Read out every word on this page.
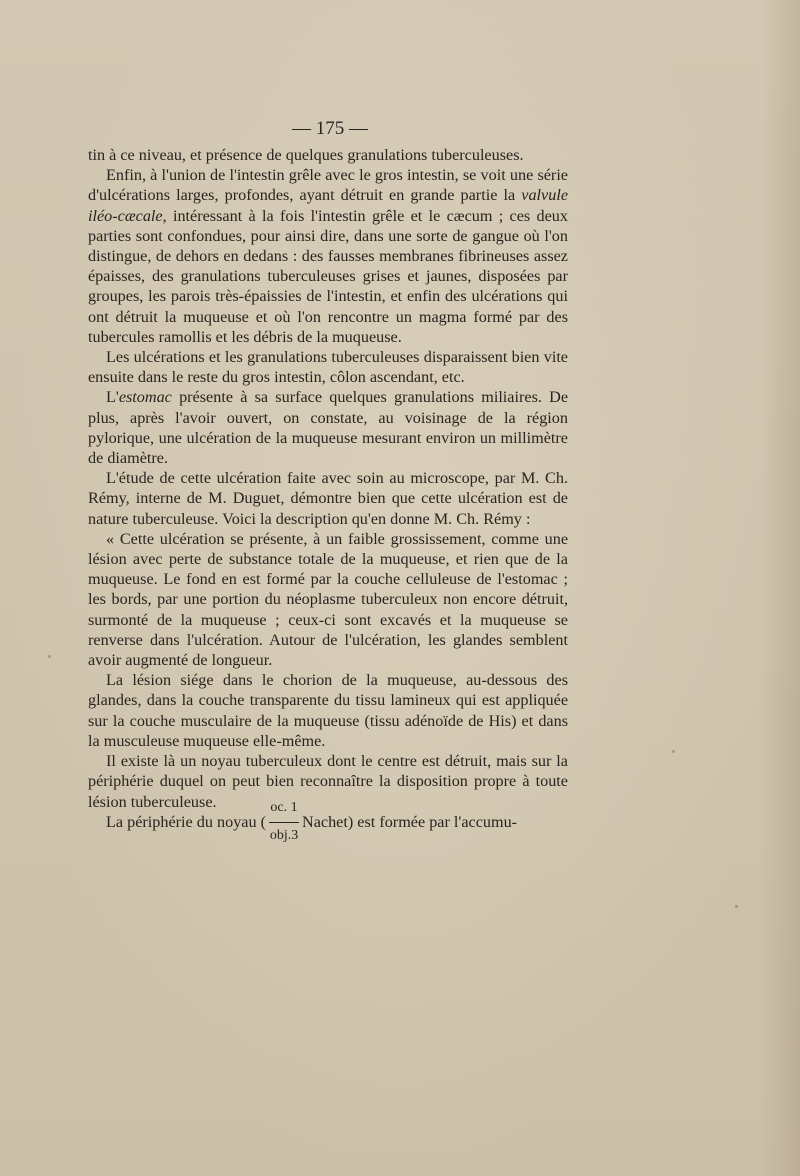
— 175 —

tin à ce niveau, et présence de quelques granulations tuberculeuses.

Enfin, à l'union de l'intestin grêle avec le gros intestin, se voit une série d'ulcérations larges, profondes, ayant détruit en grande partie la valvule iléo-cæcale, intéressant à la fois l'intestin grêle et le cæcum ; ces deux parties sont confondues, pour ainsi dire, dans une sorte de gangue où l'on distingue, de dehors en dedans : des fausses membranes fibrineuses assez épaisses, des granulations tuberculeuses grises et jaunes, disposées par groupes, les parois très-épaissies de l'intestin, et enfin des ulcérations qui ont détruit la muqueuse et où l'on rencontre un magma formé par des tubercules ramollis et les débris de la muqueuse.

Les ulcérations et les granulations tuberculeuses disparaissent bien vite ensuite dans le reste du gros intestin, côlon ascendant, etc.

L'estomac présente à sa surface quelques granulations miliaires. De plus, après l'avoir ouvert, on constate, au voisinage de la région pylorique, une ulcération de la muqueuse mesurant environ un millimètre de diamètre.

L'étude de cette ulcération faite avec soin au microscope, par M. Ch. Rémy, interne de M. Duguet, démontre bien que cette ulcération est de nature tuberculeuse. Voici la description qu'en donne M. Ch. Rémy :

« Cette ulcération se présente, à un faible grossissement, comme une lésion avec perte de substance totale de la muqueuse, et rien que de la muqueuse. Le fond en est formé par la couche celluleuse de l'estomac ; les bords, par une portion du néoplasme tuberculeux non encore détruit, surmonté de la muqueuse ; ceux-ci sont excavés et la muqueuse se renverse dans l'ulcération. Autour de l'ulcération, les glandes semblent avoir augmenté de longueur.

La lésion siége dans le chorion de la muqueuse, au-dessous des glandes, dans la couche transparente du tissu lamineux qui est appliquée sur la couche musculaire de la muqueuse (tissu adénoïde de His) et dans la musculeuse muqueuse elle-même.

Il existe là un noyau tuberculeux dont le centre est détruit, mais sur la périphérie duquel on peut bien reconnaître la disposition propre à toute lésion tuberculeuse.

La périphérie du noyau ( $\frac{oc. 1}{\text{obj.3}}$ Nachet) est formée par l'accumu-
